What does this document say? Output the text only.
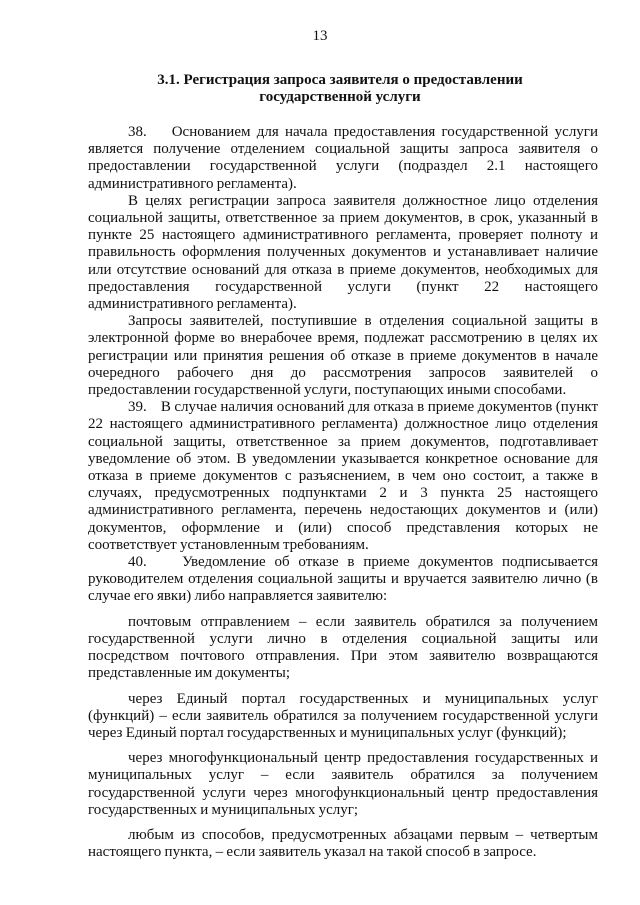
13
3.1. Регистрация запроса заявителя о предоставлении
государственной услуги

38.    Основанием для начала предоставления государственной услуги является получение отделением социальной защиты запроса заявителя о предоставлении государственной услуги (подраздел 2.1 настоящего административного регламента).

В целях регистрации запроса заявителя должностное лицо отделения социальной защиты, ответственное за прием документов, в срок, указанный в пункте 25 настоящего административного регламента, проверяет полноту и правильность оформления полученных документов и устанавливает наличие или отсутствие оснований для отказа в приеме документов, необходимых для предоставления государственной услуги (пункт 22 настоящего административного регламента).

Запросы заявителей, поступившие в отделения социальной защиты в электронной форме во внерабочее время, подлежат рассмотрению в целях их регистрации или принятия решения об отказе в приеме документов в начале очередного рабочего дня до рассмотрения запросов заявителей о предоставлении государственной услуги, поступающих иными способами.

39.    В случае наличия оснований для отказа в приеме документов (пункт 22 настоящего административного регламента) должностное лицо отделения социальной защиты, ответственное за прием документов, подготавливает уведомление об этом. В уведомлении указывается конкретное основание для отказа в приеме документов с разъяснением, в чем оно состоит, а также в случаях, предусмотренных подпунктами 2 и 3 пункта 25 настоящего административного регламента, перечень недостающих документов и (или) документов, оформление и (или) способ представления которых не соответствует установленным требованиям.

40.    Уведомление об отказе в приеме документов подписывается руководителем отделения социальной защиты и вручается заявителю лично (в случае его явки) либо направляется заявителю:

почтовым отправлением – если заявитель обратился за получением государственной услуги лично в отделения социальной защиты или посредством почтового отправления. При этом заявителю возвращаются представленные им документы;

через Единый портал государственных и муниципальных услуг (функций) – если заявитель обратился за получением государственной услуги через Единый портал государственных и муниципальных услуг (функций);

через многофункциональный центр предоставления государственных и муниципальных услуг – если заявитель обратился за получением государственной услуги через многофункциональный центр предоставления государственных и муниципальных услуг;

любым из способов, предусмотренных абзацами первым – четвертым настоящего пункта, – если заявитель указал на такой способ в запросе.
